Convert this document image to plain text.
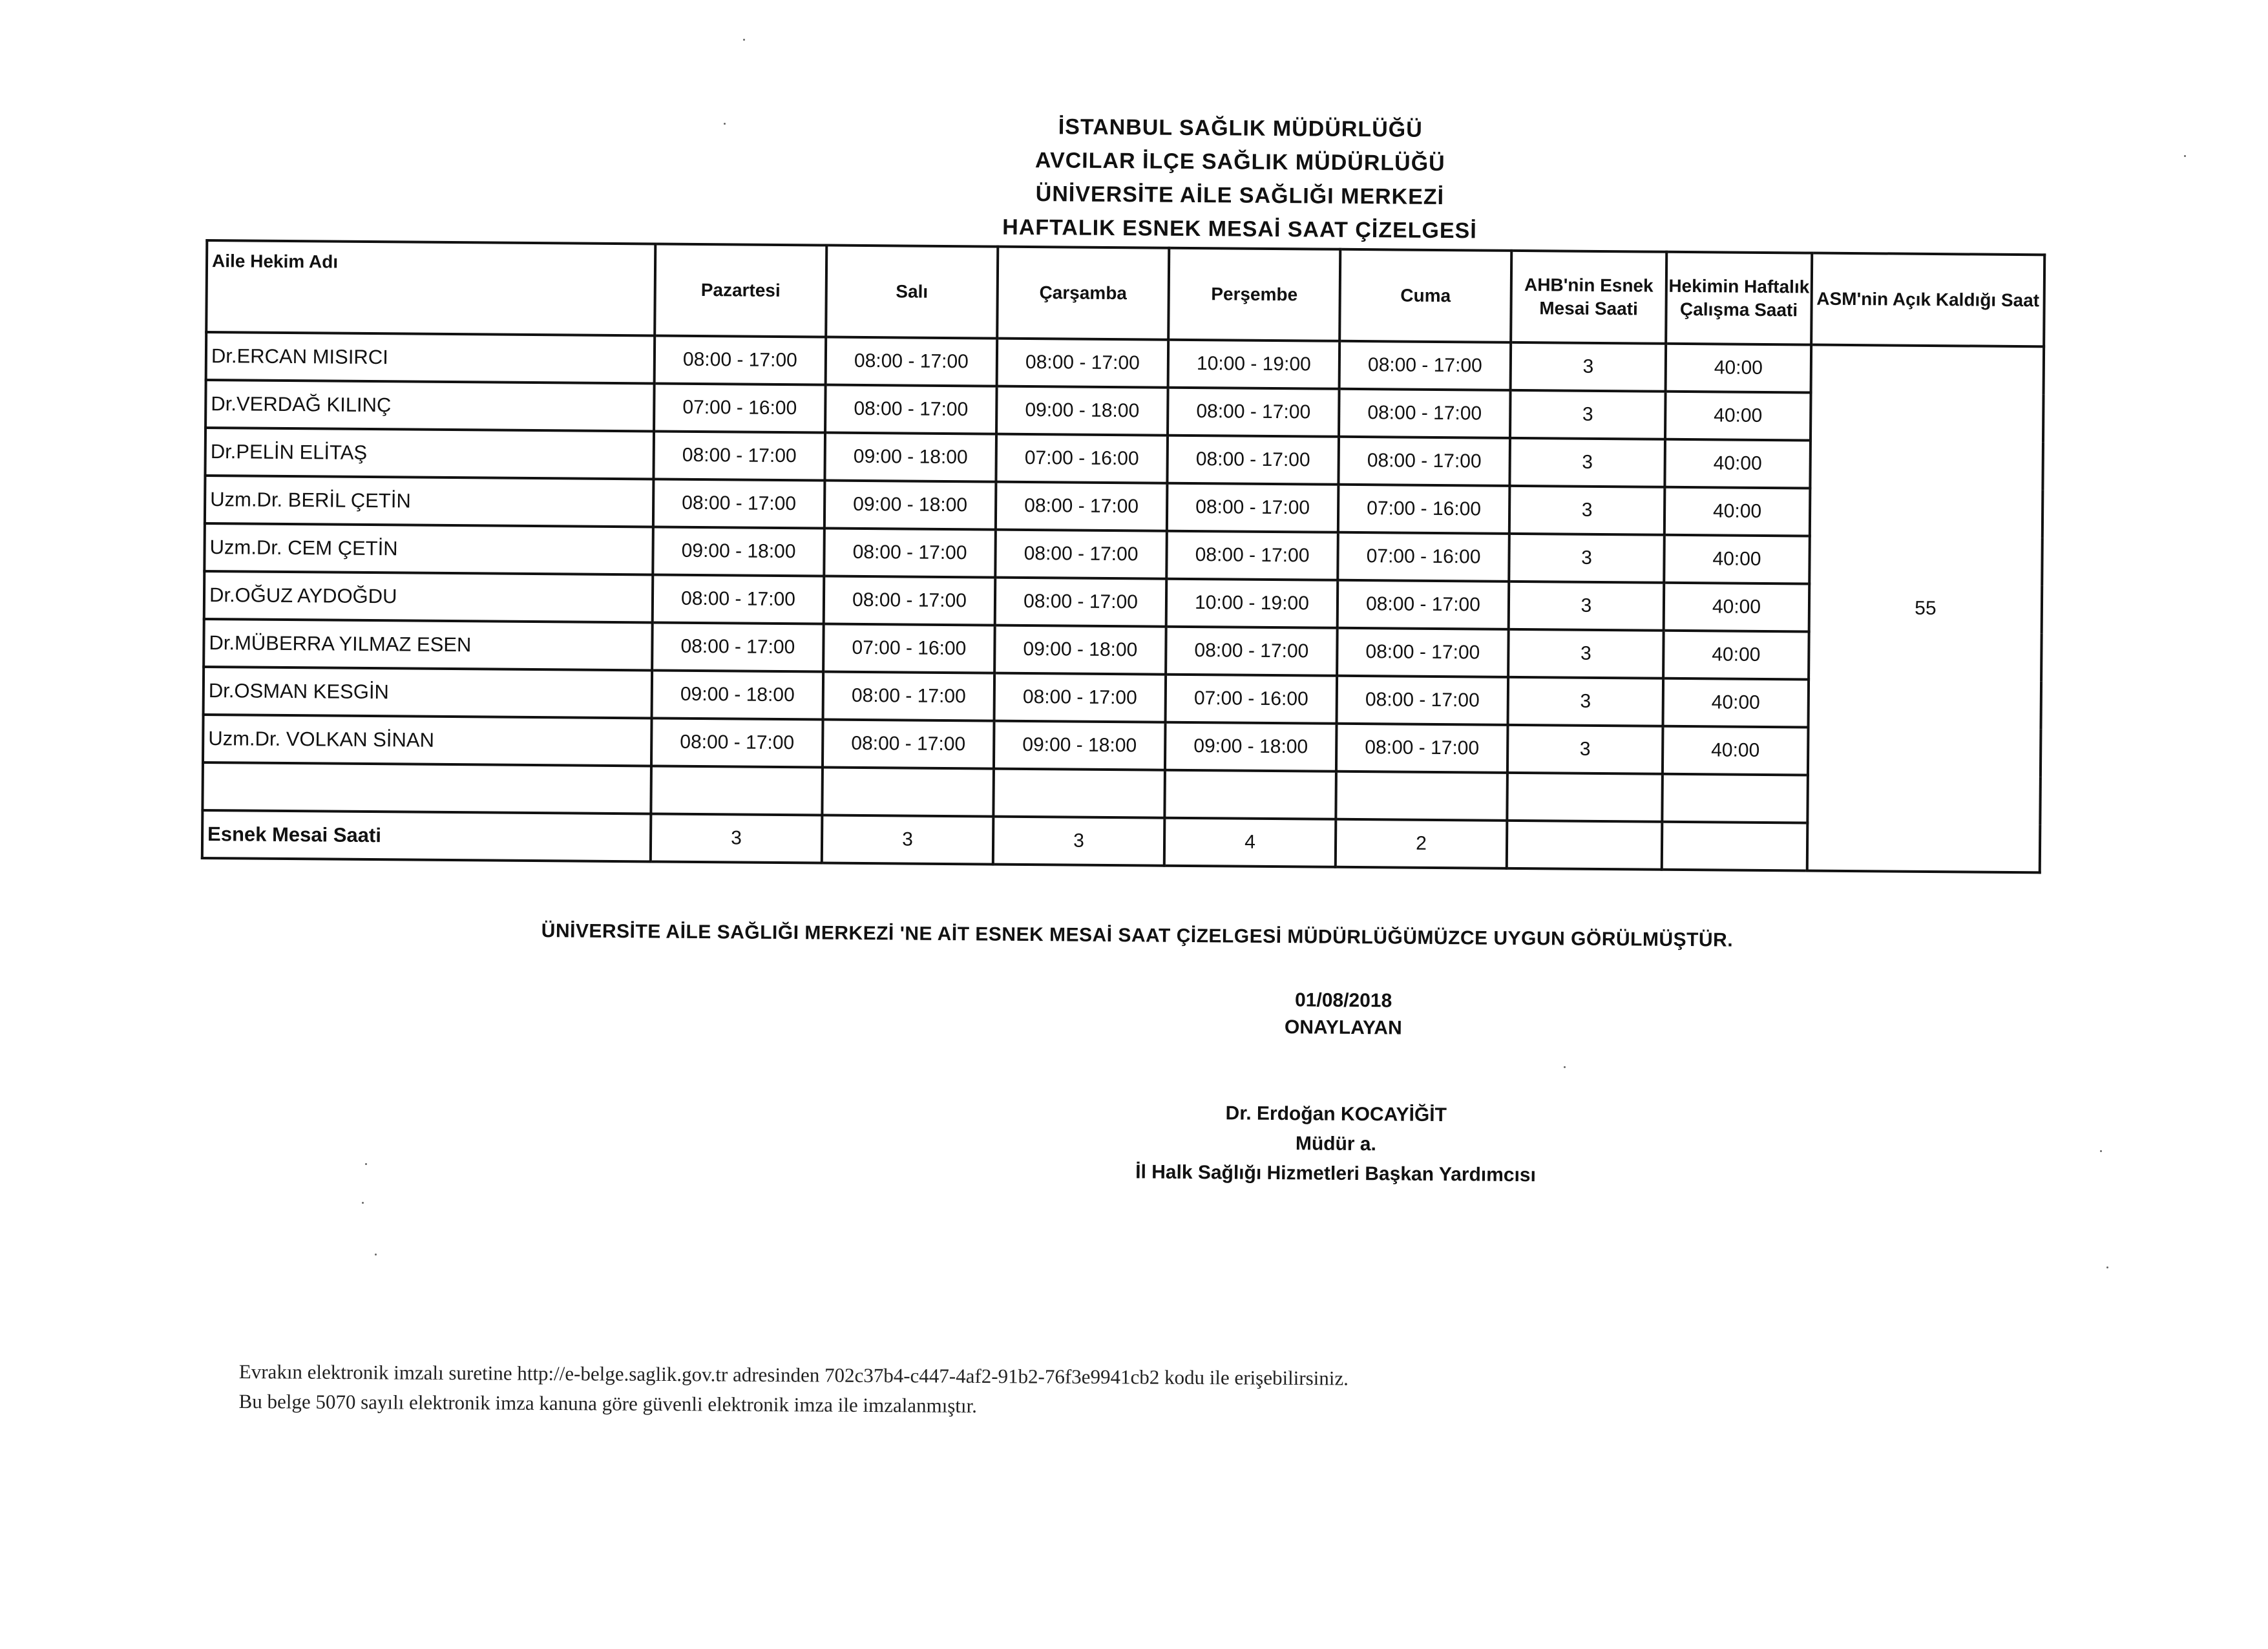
İSTANBUL SAĞLIK MÜDÜRLÜĞÜ
AVCILAR İLÇE SAĞLIK MÜDÜRLÜĞÜ
ÜNİVERSİTE AİLE SAĞLIĞI MERKEZİ
HAFTALIK ESNEK MESAİ SAAT ÇİZELGESİ
Aile Hekim Adı	Pazartesi	Salı	Çarşamba	Perşembe	Cuma	AHB'nin Esnek Mesai Saati	Hekimin Haftalık Çalışma Saati	ASM'nin Açık Kaldığı Saat
Dr.ERCAN MISIRCI	08:00 - 17:00	08:00 - 17:00	08:00 - 17:00	10:00 - 19:00	08:00 - 17:00	3	40:00	55
Dr.VERDAĞ KILINÇ	07:00 - 16:00	08:00 - 17:00	09:00 - 18:00	08:00 - 17:00	08:00 - 17:00	3	40:00	
Dr.PELİN ELİTAŞ	08:00 - 17:00	09:00 - 18:00	07:00 - 16:00	08:00 - 17:00	08:00 - 17:00	3	40:00	
Uzm.Dr. BERİL ÇETİN	08:00 - 17:00	09:00 - 18:00	08:00 - 17:00	08:00 - 17:00	07:00 - 16:00	3	40:00	
Uzm.Dr. CEM ÇETİN	09:00 - 18:00	08:00 - 17:00	08:00 - 17:00	08:00 - 17:00	07:00 - 16:00	3	40:00	
Dr.OĞUZ AYDOĞDU	08:00 - 17:00	08:00 - 17:00	08:00 - 17:00	10:00 - 19:00	08:00 - 17:00	3	40:00	
Dr.MÜBERRA YILMAZ ESEN	08:00 - 17:00	07:00 - 16:00	09:00 - 18:00	08:00 - 17:00	08:00 - 17:00	3	40:00	
Dr.OSMAN KESGİN	09:00 - 18:00	08:00 - 17:00	08:00 - 17:00	07:00 - 16:00	08:00 - 17:00	3	40:00	
Uzm.Dr. VOLKAN SİNAN	08:00 - 17:00	08:00 - 17:00	09:00 - 18:00	09:00 - 18:00	08:00 - 17:00	3	40:00	

Esnek Mesai Saati	3	3	3	4	2			
ÜNİVERSİTE AİLE SAĞLIĞI MERKEZİ 'NE AİT ESNEK MESAİ SAAT ÇİZELGESİ MÜDÜRLÜĞÜMÜZCE UYGUN GÖRÜLMÜŞTÜR.
01/08/2018
ONAYLAYAN
Dr. Erdoğan KOCAYİĞİT
Müdür a.
İl Halk Sağlığı Hizmetleri Başkan Yardımcısı
Evrakın elektronik imzalı suretine http://e-belge.saglik.gov.tr adresinden 702c37b4-c447-4af2-91b2-76f3e9941cb2 kodu ile erişebilirsiniz.
Bu belge 5070 sayılı elektronik imza kanuna göre güvenli elektronik imza ile imzalanmıştır.
